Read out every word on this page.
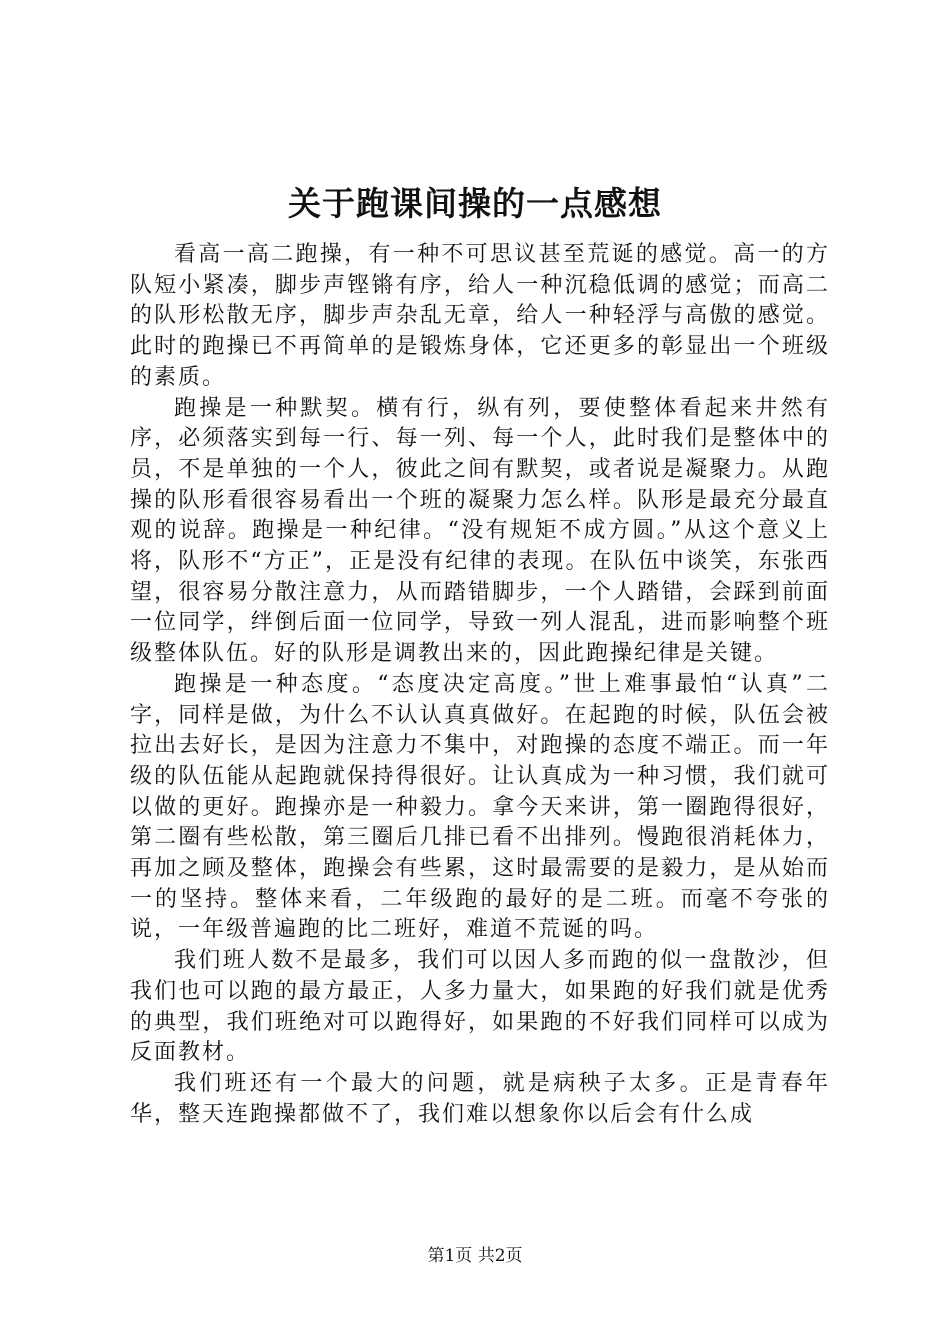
关于跑课间操的一点感想

看高一高二跑操，有一种不可思议甚至荒诞的感觉。高一的方队短小紧凑，脚步声铿锵有序，给人一种沉稳低调的感觉；而高二的队形松散无序，脚步声杂乱无章，给人一种轻浮与高傲的感觉。此时的跑操已不再简单的是锻炼身体，它还更多的彰显出一个班级的素质。

跑操是一种默契。横有行，纵有列，要使整体看起来井然有序，必须落实到每一行、每一列、每一个人，此时我们是整体中的员，不是单独的一个人，彼此之间有默契，或者说是凝聚力。从跑操的队形看很容易看出一个班的凝聚力怎么样。队形是最充分最直观的说辞。跑操是一种纪律。“没有规矩不成方圆。”从这个意义上将，队形不“方正”，正是没有纪律的表现。在队伍中谈笑，东张西望，很容易分散注意力，从而踏错脚步，一个人踏错，会踩到前面一位同学，绊倒后面一位同学，导致一列人混乱，进而影响整个班级整体队伍。好的队形是调教出来的，因此跑操纪律是关键。

跑操是一种态度。“态度决定高度。”世上难事最怕“认真”二字，同样是做，为什么不认认真真做好。在起跑的时候，队伍会被拉出去好长，是因为注意力不集中，对跑操的态度不端正。而一年级的队伍能从起跑就保持得很好。让认真成为一种习惯，我们就可以做的更好。跑操亦是一种毅力。拿今天来讲，第一圈跑得很好，第二圈有些松散，第三圈后几排已看不出排列。慢跑很消耗体力，再加之顾及整体，跑操会有些累，这时最需要的是毅力，是从始而一的坚持。整体来看，二年级跑的最好的是二班。而毫不夸张的说，一年级普遍跑的比二班好，难道不荒诞的吗。

我们班人数不是最多，我们可以因人多而跑的似一盘散沙，但我们也可以跑的最方最正，人多力量大，如果跑的好我们就是优秀的典型，我们班绝对可以跑得好，如果跑的不好我们同样可以成为反面教材。

我们班还有一个最大的问题，就是病秧子太多。正是青春年华，整天连跑操都做不了，我们难以想象你以后会有什么成

第1页 共2页
